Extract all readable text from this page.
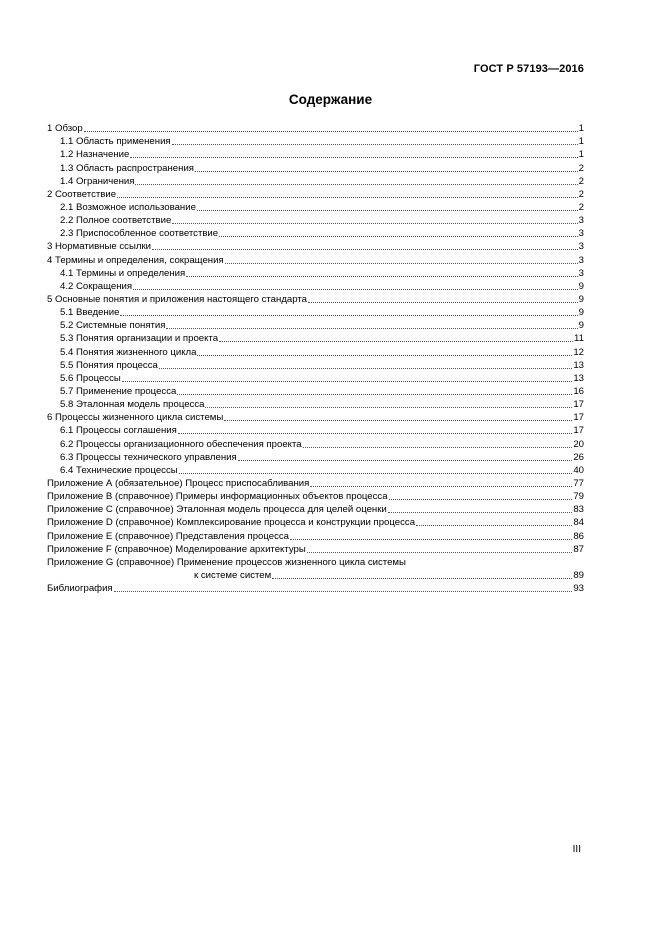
ГОСТ Р 57193—2016
Содержание
1 Обзор	1
1.1 Область применения	1
1.2 Назначение	1
1.3 Область распространения	2
1.4 Ограничения	2
2 Соответствие	2
2.1 Возможное использование	2
2.2 Полное соответствие	3
2.3 Приспособленное соответствие	3
3 Нормативные ссылки	3
4 Термины и определения, сокращения	3
4.1 Термины и определения	3
4.2 Сокращения	9
5 Основные понятия и приложения настоящего стандарта	9
5.1 Введение	9
5.2 Системные понятия	9
5.3 Понятия организации и проекта	11
5.4 Понятия жизненного цикла	12
5.5 Понятия процесса	13
5.6 Процессы	13
5.7 Применение процесса	16
5.8 Эталонная модель процесса	17
6 Процессы жизненного цикла системы	17
6.1 Процессы соглашения	17
6.2 Процессы организационного обеспечения проекта	20
6.3 Процессы технического управления	26
6.4 Технические процессы	40
Приложение А (обязательное) Процесс приспосабливания	77
Приложение В (справочное) Примеры информационных объектов процесса	79
Приложение С (справочное) Эталонная модель процесса для целей оценки	83
Приложение D (справочное) Комплексирование процесса и конструкции процесса	84
Приложение Е (справочное) Представления процесса	86
Приложение F (справочное) Моделирование архитектуры	87
Приложение G (справочное) Применение процессов жизненного цикла системы
к системе систем	89
Библиография	93
III
